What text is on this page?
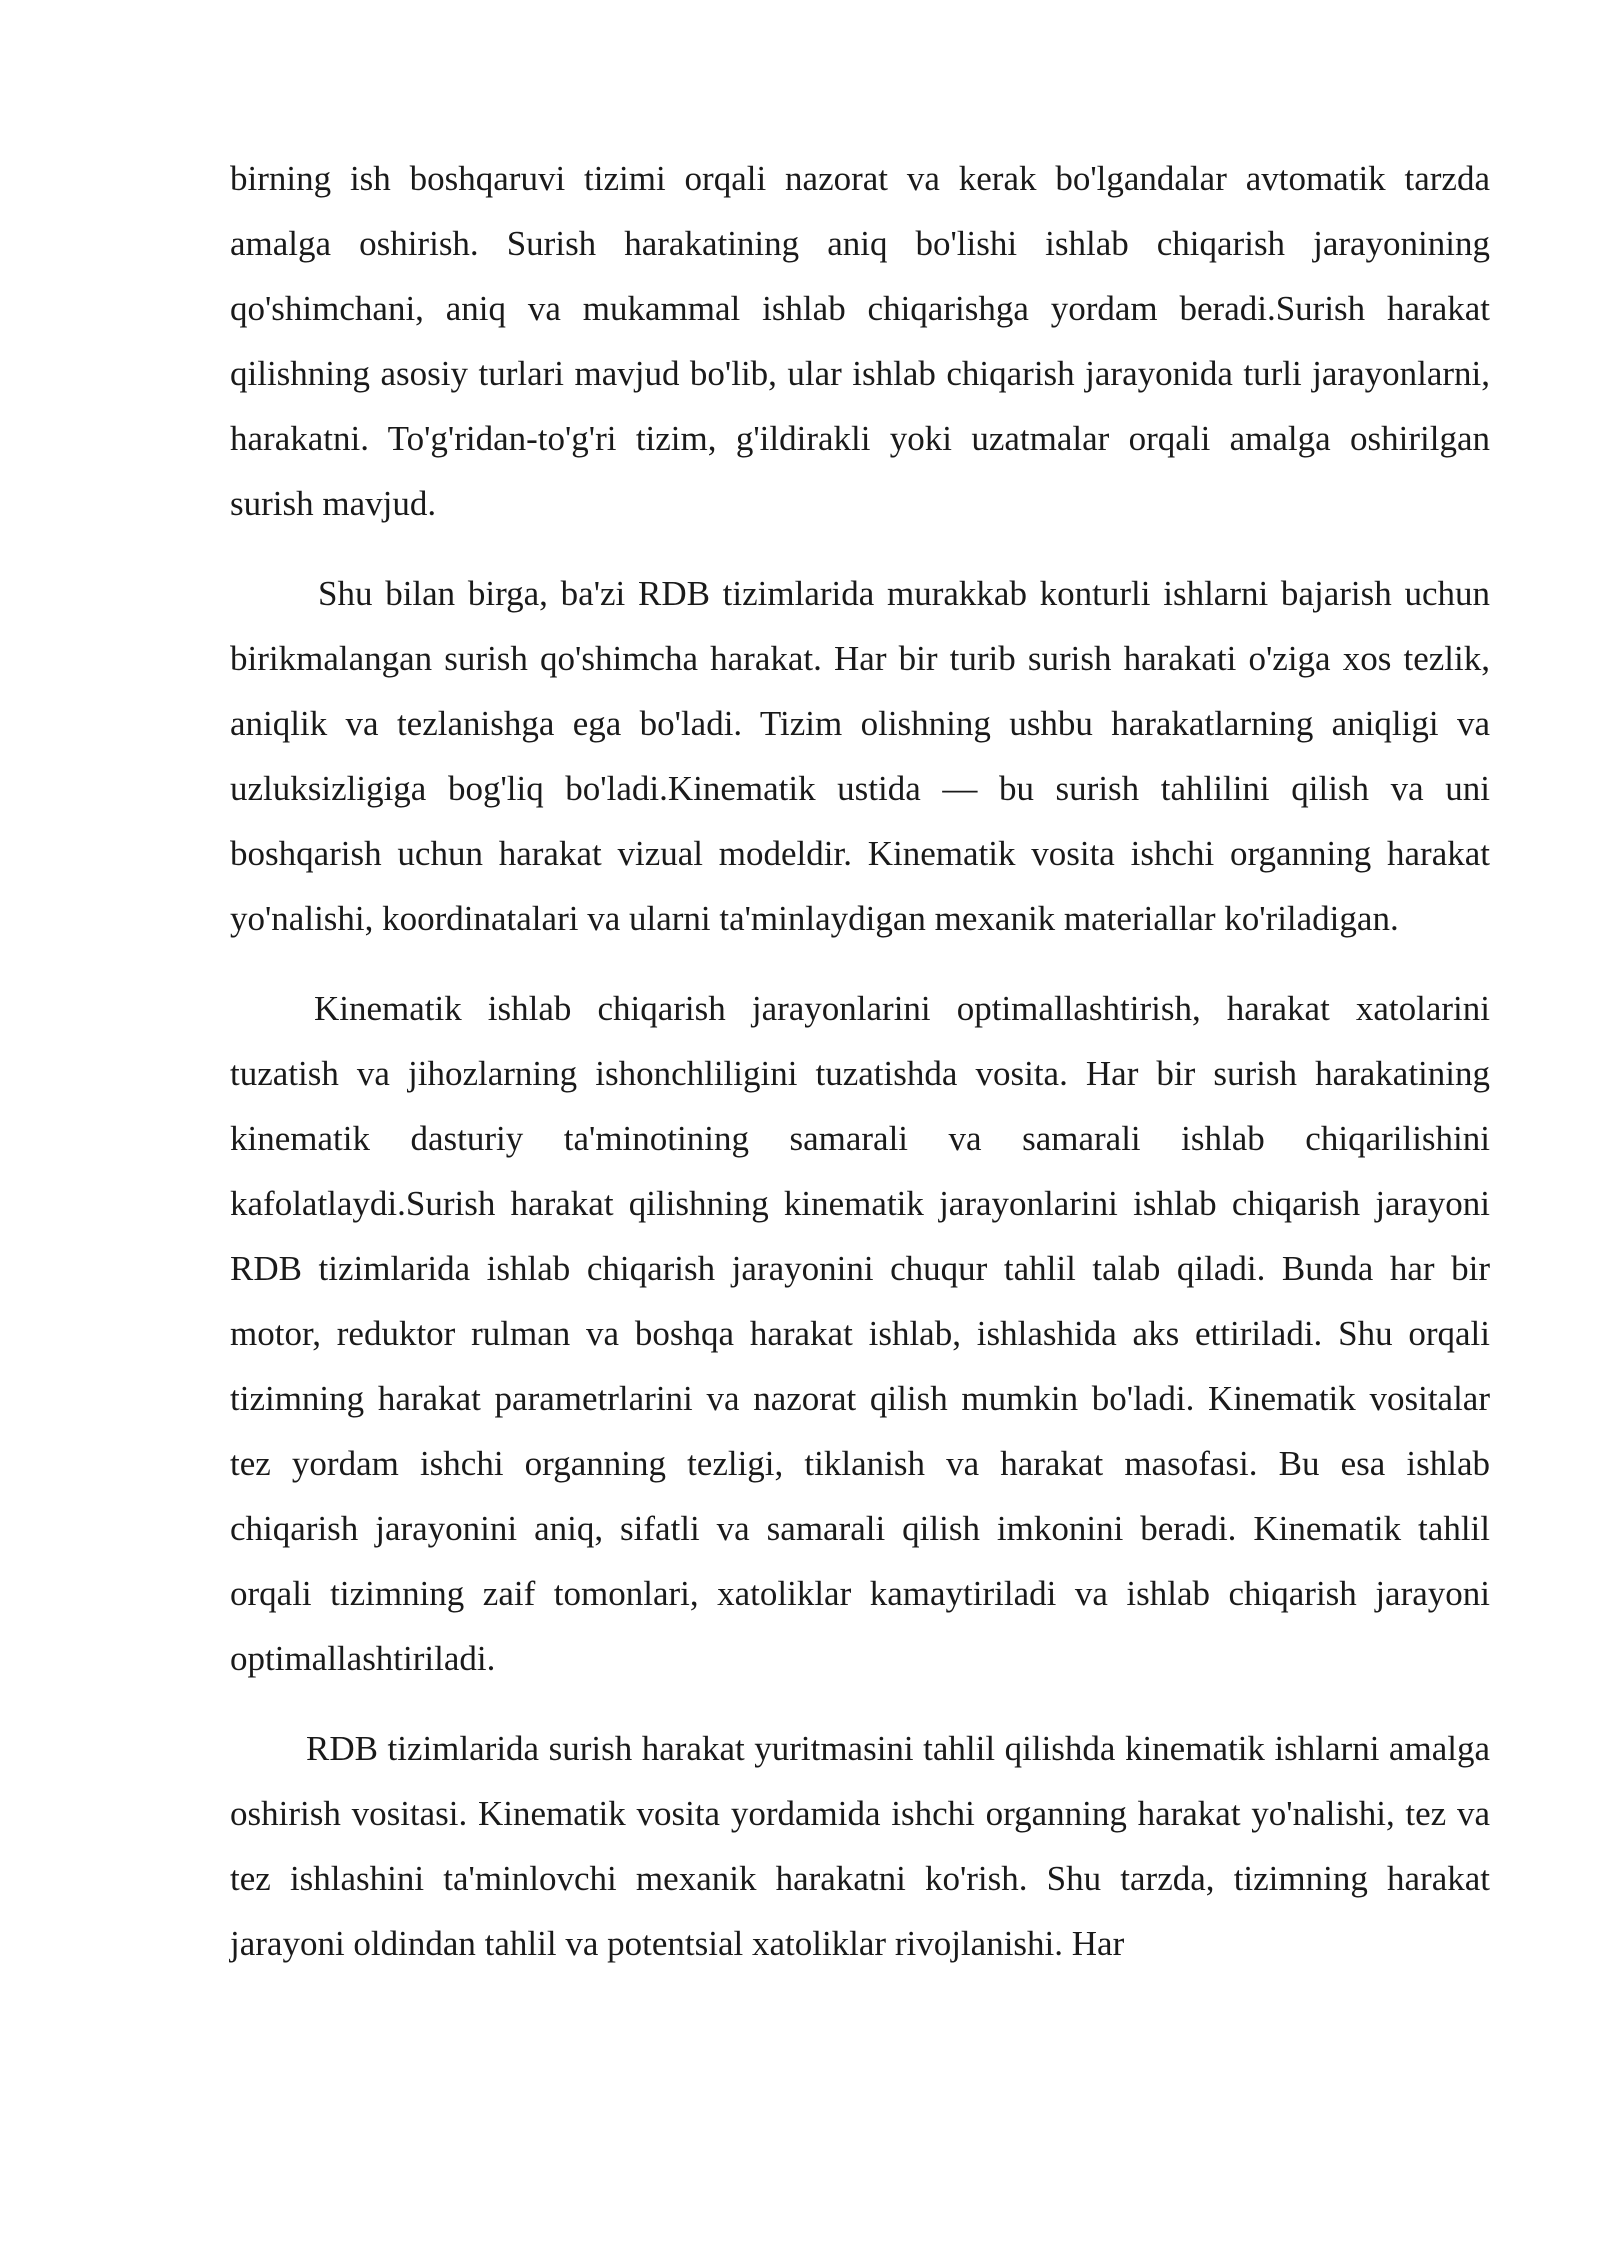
birning ish boshqaruvi tizimi orqali nazorat va kerak bo'lgandalar avtomatik tarzda amalga oshirish. Surish harakatining aniq bo'lishi ishlab chiqarish jarayonining qo'shimchani, aniq va mukammal ishlab chiqarishga yordam beradi.Surish harakat qilishning asosiy turlari mavjud bo'lib, ular ishlab chiqarish jarayonida turli jarayonlarni, harakatni. To'g'ridan-to'g'ri tizim, g'ildirakli yoki uzatmalar orqali amalga oshirilgan surish mavjud.

Shu bilan birga, ba'zi RDB tizimlarida murakkab konturli ishlarni bajarish uchun birikmalangan surish qo'shimcha harakat. Har bir turib surish harakati o'ziga xos tezlik, aniqlik va tezlanishga ega bo'ladi. Tizim olishning ushbu harakatlarning aniqligi va uzluksizligiga bog'liq bo'ladi.Kinematik ustida — bu surish tahlilini qilish va uni boshqarish uchun harakat vizual modeldir. Kinematik vosita ishchi organning harakat yo'nalishi, koordinatalari va ularni ta'minlaydigan mexanik materiallar ko'riladigan.

Kinematik ishlab chiqarish jarayonlarini optimallashtirish, harakat xatolarini tuzatish va jihozlarning ishonchliligini tuzatishda vosita. Har bir surish harakatining kinematik dasturiy ta'minotining samarali va samarali ishlab chiqarilishini kafolatlaydi.Surish harakat qilishning kinematik jarayonlarini ishlab chiqarish jarayoni RDB tizimlarida ishlab chiqarish jarayonini chuqur tahlil talab qiladi. Bunda har bir motor, reduktor rulman va boshqa harakat ishlab, ishlashida aks ettiriladi. Shu orqali tizimning harakat parametrlarini va nazorat qilish mumkin bo'ladi. Kinematik vositalar tez yordam ishchi organning tezligi, tiklanish va harakat masofasi. Bu esa ishlab chiqarish jarayonini aniq, sifatli va samarali qilish imkonini beradi. Kinematik tahlil orqali tizimning zaif tomonlari, xatoliklar kamaytiriladi va ishlab chiqarish jarayoni optimallashtiriladi.

RDB tizimlarida surish harakat yuritmasini tahlil qilishda kinematik ishlarni amalga oshirish vositasi. Kinematik vosita yordamida ishchi organning harakat yo'nalishi, tez va tez ishlashini ta'minlovchi mexanik harakatni ko'rish. Shu tarzda, tizimning harakat jarayoni oldindan tahlil va potentsial xatoliklar rivojlanishi. Har
